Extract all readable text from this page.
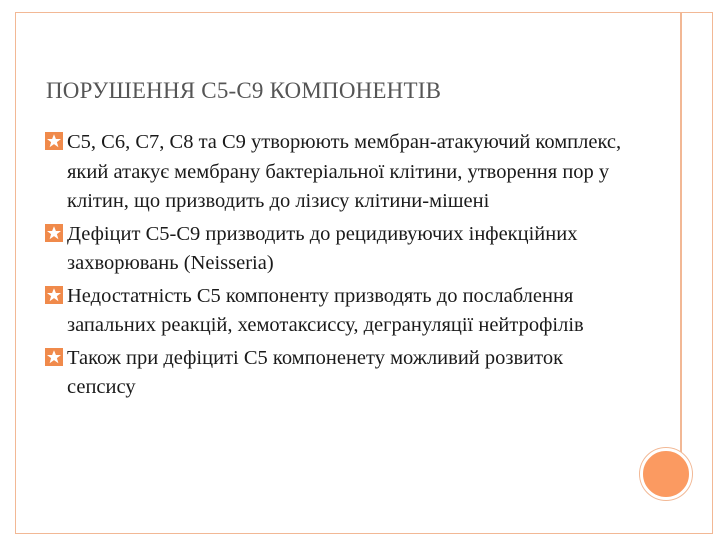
ПОРУШЕННЯ С5-С9 КОМПОНЕНТІВ
С5, С6, С7, С8 та С9 утворюють мембран-атакуючий комплекс, який атакує мембрану бактеріальної клітини, утворення пор у клітин, що призводить до лізису клітини-мішені
Дефіцит С5-С9 призводить до рецидивуючих інфекційних захворювань (Neisseria)
Недостатність С5 компоненту призводять до послаблення запальних реакцій, хемотаксиссу, дегрануляції нейтрофілів
Також при дефіциті С5 компоненету можливий розвиток сепсису
